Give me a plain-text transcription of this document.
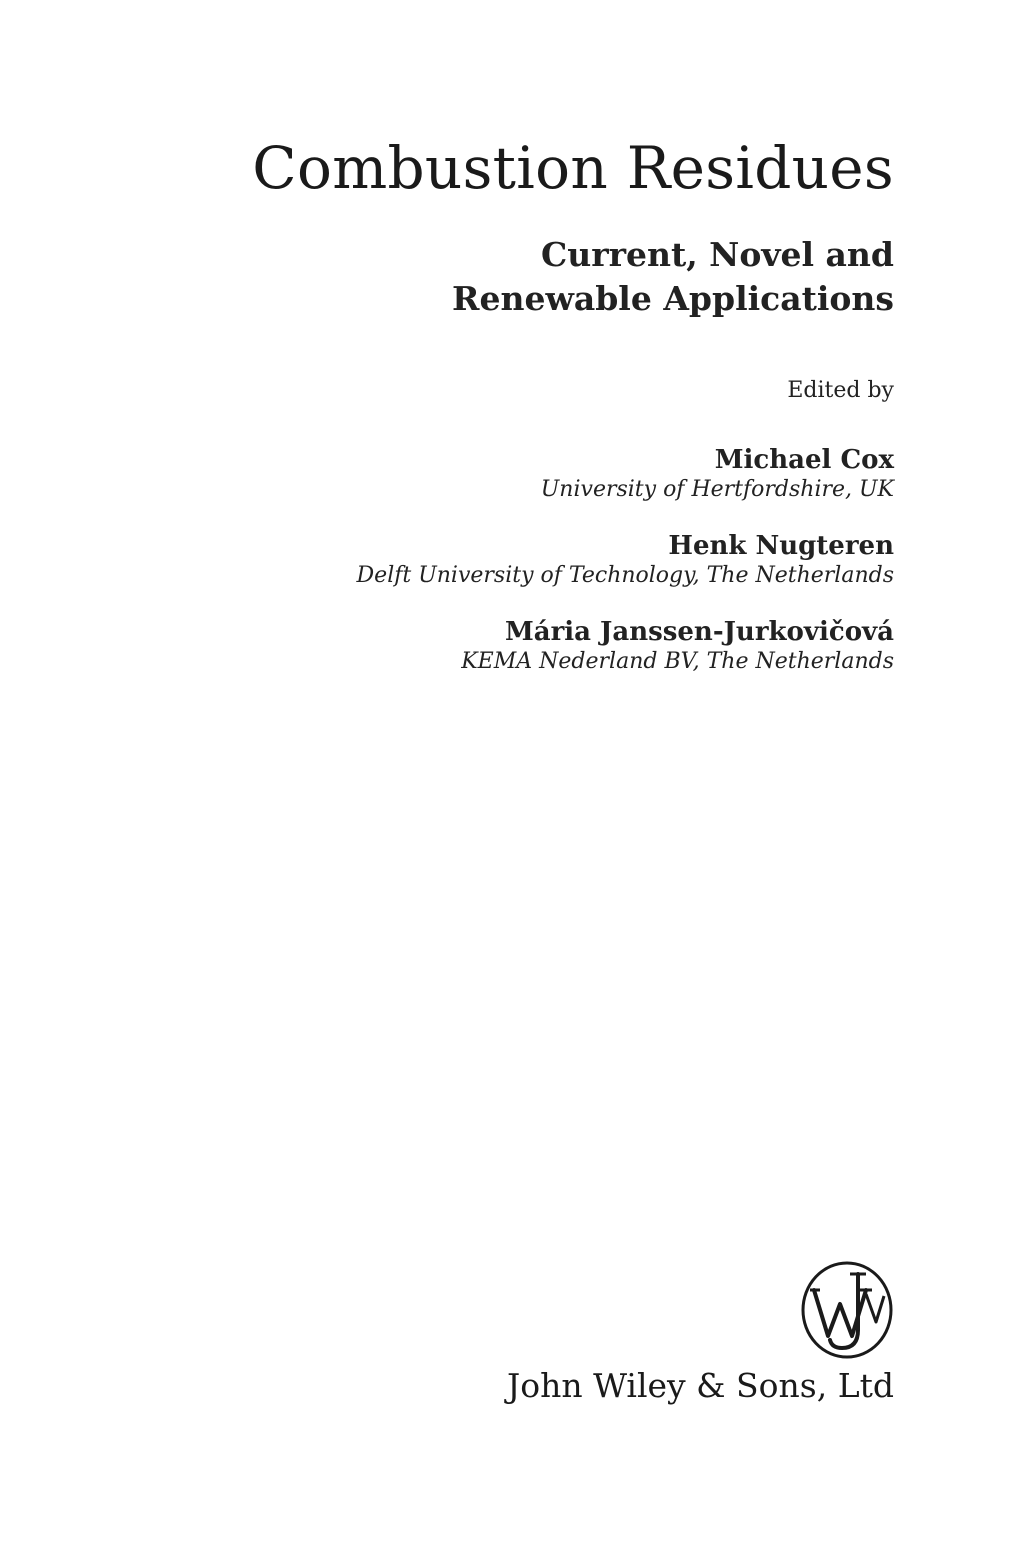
Combustion Residues
Current, Novel and
Renewable Applications
Edited by
Michael Cox
University of Hertfordshire, UK
Henk Nugteren
Delft University of Technology, The Netherlands
Mária Janssen-Jurkovičová
KEMA Nederland BV, The Netherlands
John Wiley & Sons, Ltd
